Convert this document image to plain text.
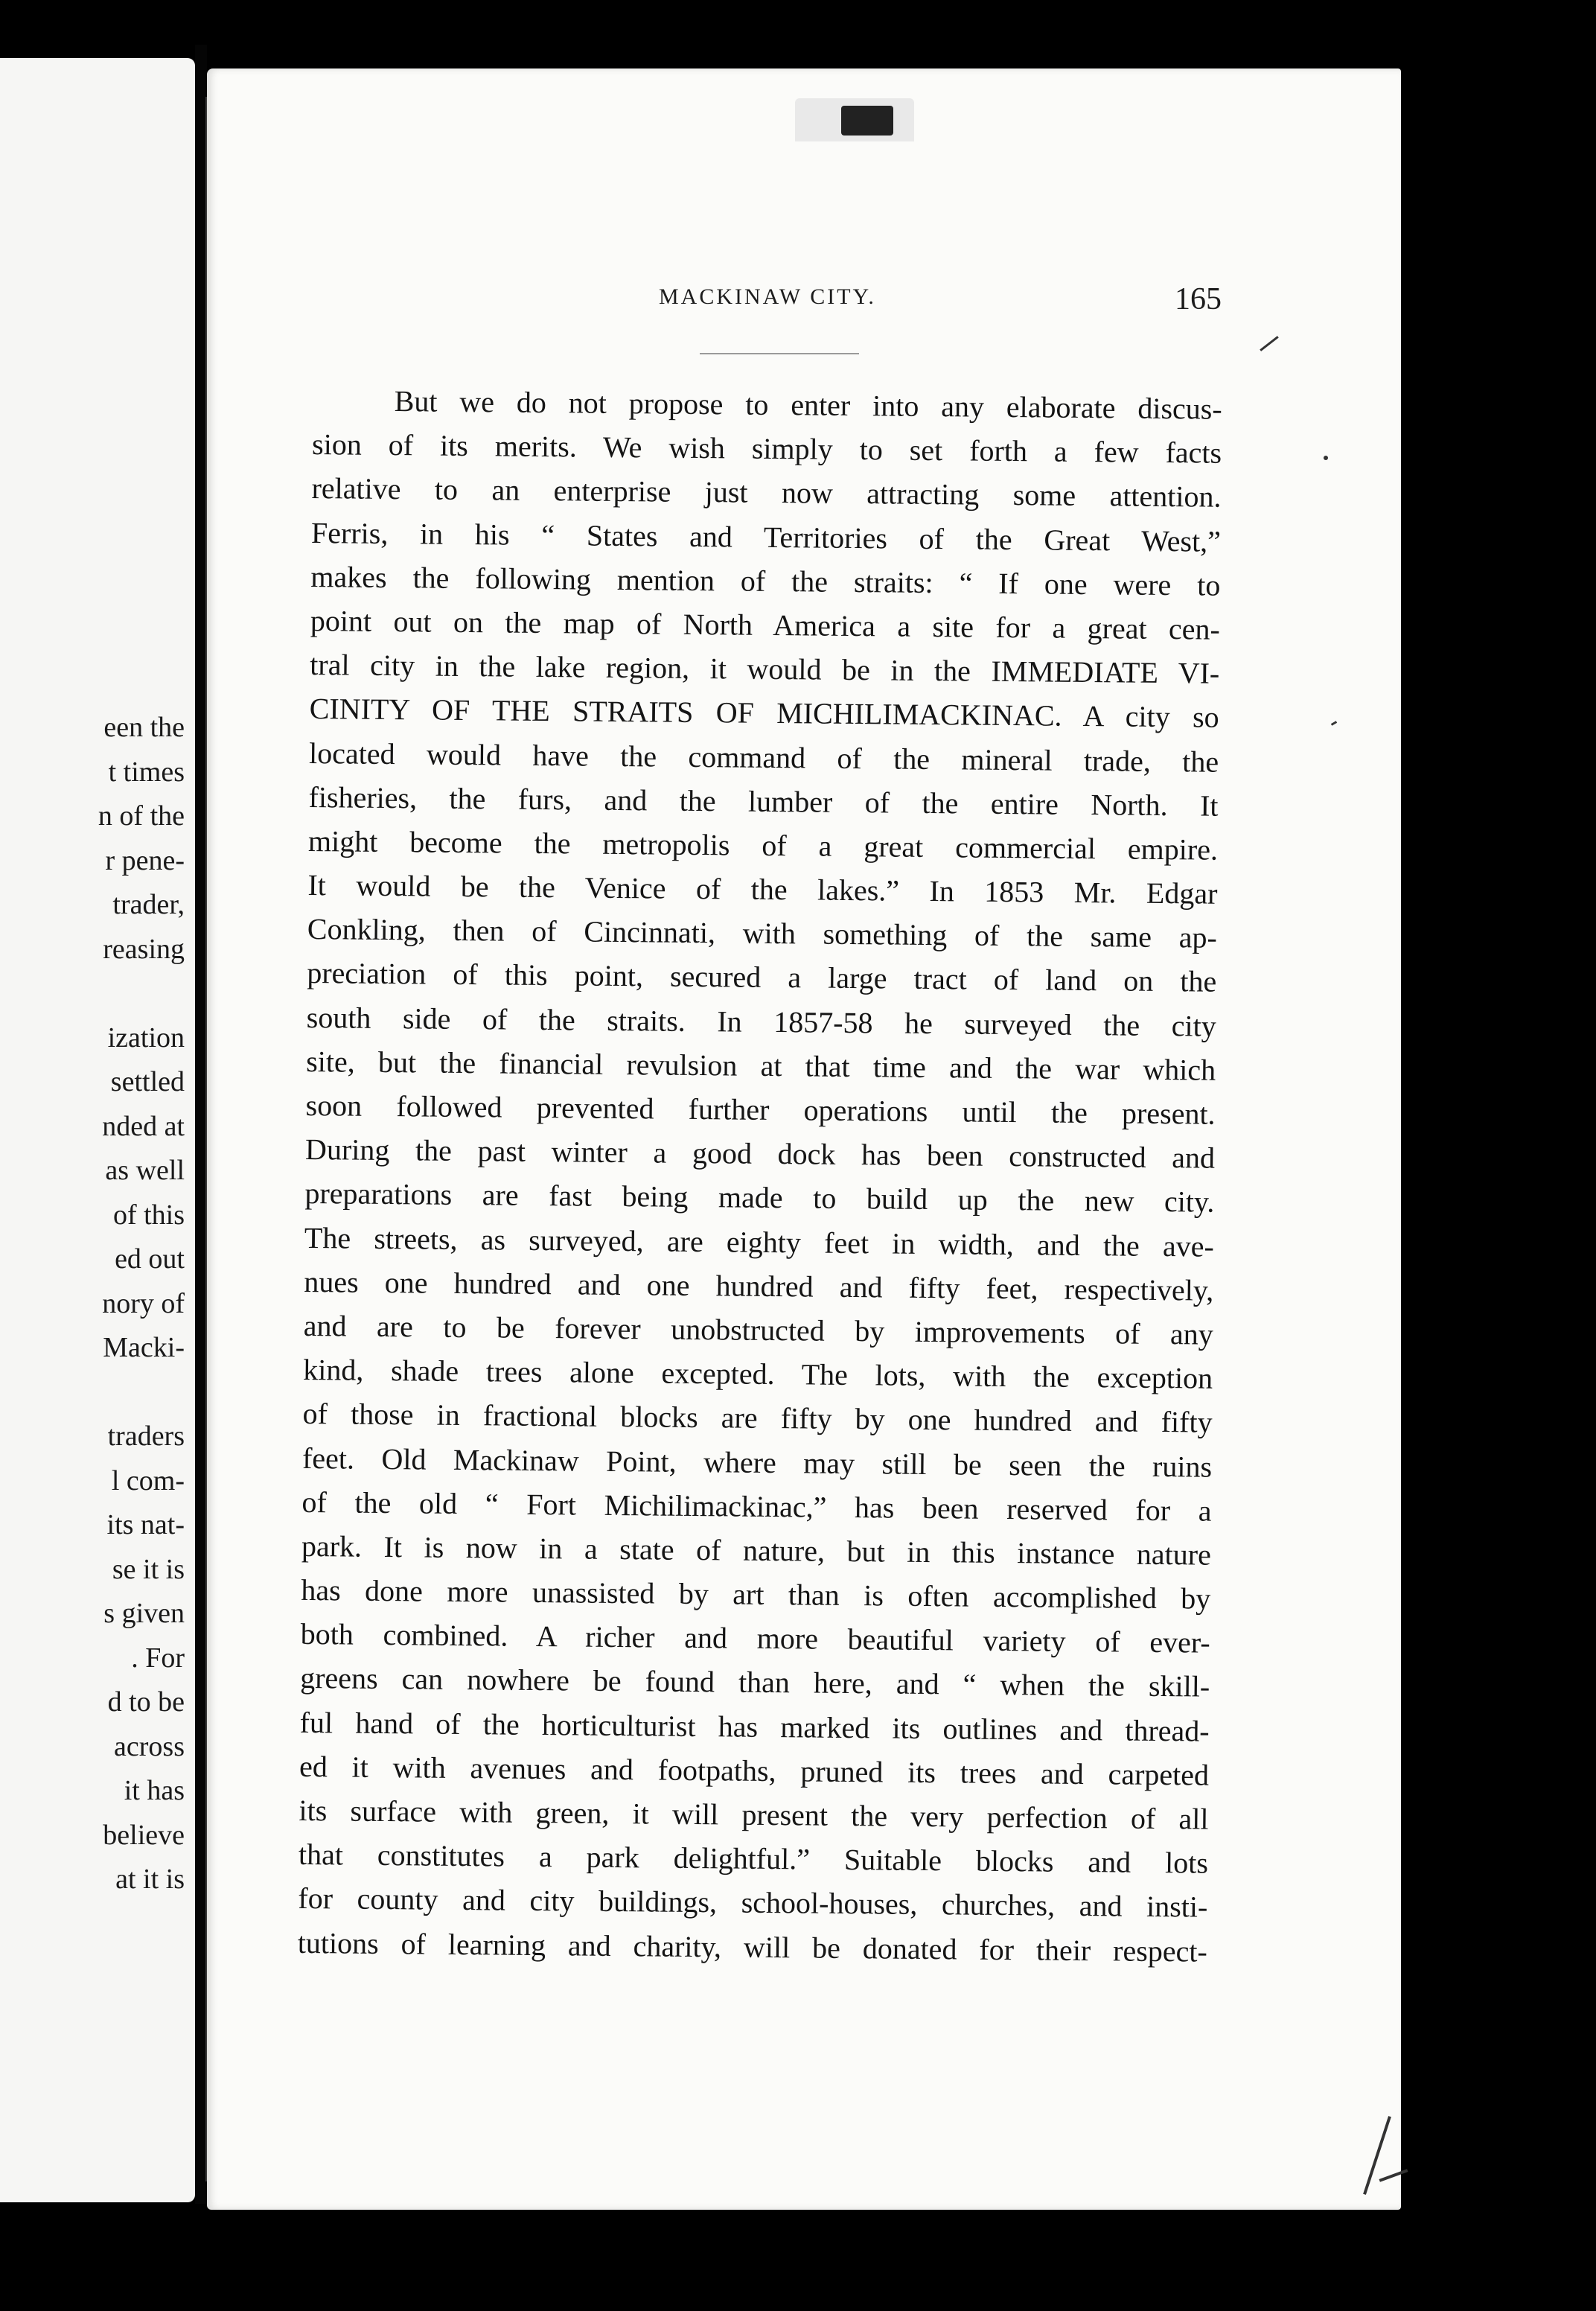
een the
t times
n of the
r pene-
trader,
reasing
ization
settled
nded at
as well
of this
ed out
nory of
Macki-
traders
l com-
its nat-
se it is
s given
. For
d to be
across
it has
believe
at it is
MACKINAW CITY.	165
But we do not propose to enter into any elaborate discus-
sion of its merits. We wish simply to set forth a few facts
relative to an enterprise just now attracting some attention.
Ferris, in his “ States and Territories of the Great West,”
makes the following mention of the straits: “ If one were to
point out on the map of North America a site for a great cen-
tral city in the lake region, it would be in the IMMEDIATE VI-
CINITY OF THE STRAITS OF MICHILIMACKINAC. A city so
located would have the command of the mineral trade, the
fisheries, the furs, and the lumber of the entire North. It
might become the metropolis of a great commercial empire.
It would be the Venice of the lakes.” In 1853 Mr. Edgar
Conkling, then of Cincinnati, with something of the same ap-
preciation of this point, secured a large tract of land on the
south side of the straits. In 1857-58 he surveyed the city
site, but the financial revulsion at that time and the war which
soon followed prevented further operations until the present.
During the past winter a good dock has been constructed and
preparations are fast being made to build up the new city.
The streets, as surveyed, are eighty feet in width, and the ave-
nues one hundred and one hundred and fifty feet, respectively,
and are to be forever unobstructed by improvements of any
kind, shade trees alone excepted. The lots, with the exception
of those in fractional blocks are fifty by one hundred and fifty
feet. Old Mackinaw Point, where may still be seen the ruins
of the old “ Fort Michilimackinac,” has been reserved for a
park. It is now in a state of nature, but in this instance nature
has done more unassisted by art than is often accomplished by
both combined. A richer and more beautiful variety of ever-
greens can nowhere be found than here, and “ when the skill-
ful hand of the horticulturist has marked its outlines and thread-
ed it with avenues and footpaths, pruned its trees and carpeted
its surface with green, it will present the very perfection of all
that constitutes a park delightful.” Suitable blocks and lots
for county and city buildings, school-houses, churches, and insti-
tutions of learning and charity, will be donated for their respect-
